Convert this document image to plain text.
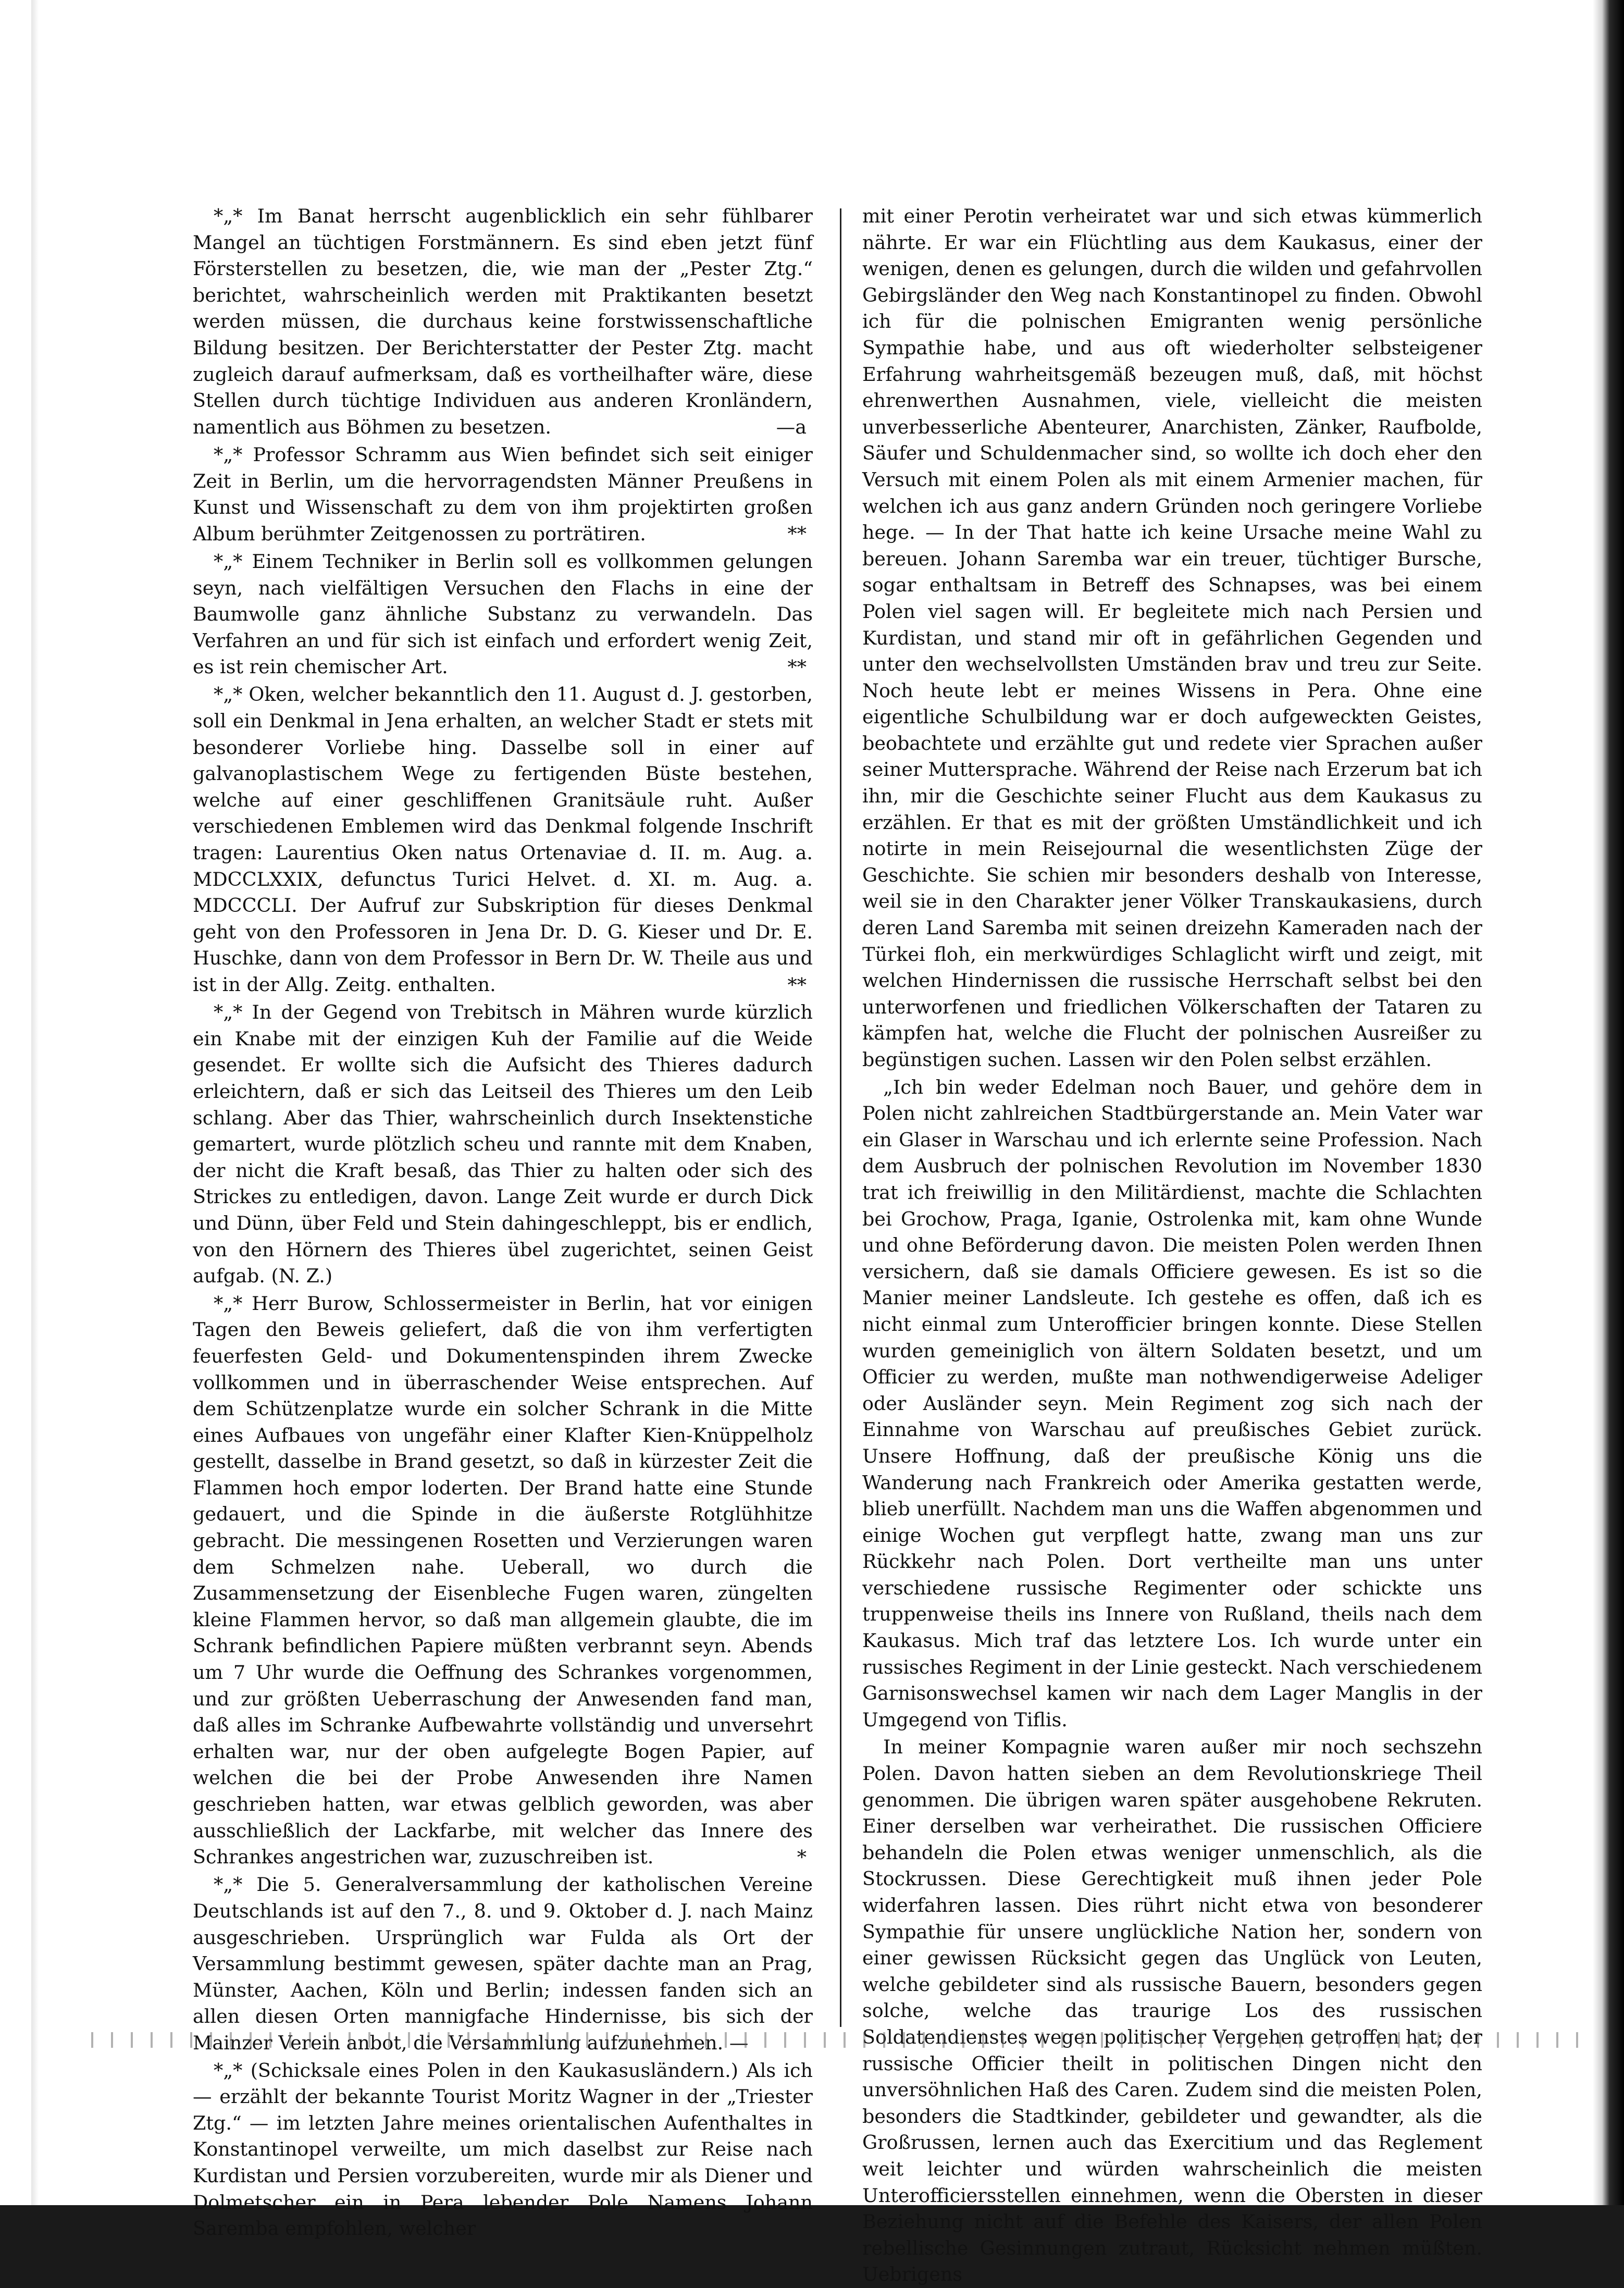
*„* Im Banat herrscht augenblicklich ein sehr fühlbarer Mangel an tüchtigen Forstmännern. Es sind eben jetzt fünf Försterstellen zu besetzen, die, wie man der „Pester Ztg.“ berichtet, wahrscheinlich werden mit Praktikanten besetzt werden müssen, die durchaus keine forstwissenschaftliche Bildung besitzen. Der Berichterstatter der Pester Ztg. macht zugleich darauf aufmerksam, daß es vortheilhafter wäre, diese Stellen durch tüchtige Individuen aus anderen Kronländern, namentlich aus Böhmen zu besetzen.	—a

*„* Professor Schramm aus Wien befindet sich seit einiger Zeit in Berlin, um die hervorragendsten Männer Preußens in Kunst und Wissenschaft zu dem von ihm projektirten großen Album berühmter Zeitgenossen zu porträtiren.	**

*„* Einem Techniker in Berlin soll es vollkommen gelungen seyn, nach vielfältigen Versuchen den Flachs in eine der Baumwolle ganz ähnliche Substanz zu verwandeln. Das Verfahren an und für sich ist einfach und erfordert wenig Zeit, es ist rein chemischer Art.	**

*„* Oken, welcher bekanntlich den 11. August d. J. gestorben, soll ein Denkmal in Jena erhalten, an welcher Stadt er stets mit besonderer Vorliebe hing. Dasselbe soll in einer auf galvanoplastischem Wege zu fertigenden Büste bestehen, welche auf einer geschliffenen Granitsäule ruht. Außer verschiedenen Emblemen wird das Denkmal folgende Inschrift tragen: Laurentius Oken natus Ortenaviae d. II. m. Aug. a. MDCCLXXIX, defunctus Turici Helvet. d. XI. m. Aug. a. MDCCCLI. Der Aufruf zur Subskription für dieses Denkmal geht von den Professoren in Jena Dr. D. G. Kieser und Dr. E. Huschke, dann von dem Professor in Bern Dr. W. Theile aus und ist in der Allg. Zeitg. enthalten.	**

*„* In der Gegend von Trebitsch in Mähren wurde kürzlich ein Knabe mit der einzigen Kuh der Familie auf die Weide gesendet. Er wollte sich die Aufsicht des Thieres dadurch erleichtern, daß er sich das Leitseil des Thieres um den Leib schlang. Aber das Thier, wahrscheinlich durch Insektenstiche gemartert, wurde plötzlich scheu und rannte mit dem Knaben, der nicht die Kraft besaß, das Thier zu halten oder sich des Strickes zu entledigen, davon. Lange Zeit wurde er durch Dick und Dünn, über Feld und Stein dahingeschleppt, bis er endlich, von den Hörnern des Thieres übel zugerichtet, seinen Geist aufgab. (N. Z.)

*„* Herr Burow, Schlossermeister in Berlin, hat vor einigen Tagen den Beweis geliefert, daß die von ihm verfertigten feuerfesten Geld- und Dokumentenspinden ihrem Zwecke vollkommen und in überraschender Weise entsprechen. Auf dem Schützenplatze wurde ein solcher Schrank in die Mitte eines Aufbaues von ungefähr einer Klafter Kien-Knüppelholz gestellt, dasselbe in Brand gesetzt, so daß in kürzester Zeit die Flammen hoch empor loderten. Der Brand hatte eine Stunde gedauert, und die Spinde in die äußerste Rotglühhitze gebracht. Die messingenen Rosetten und Verzierungen waren dem Schmelzen nahe. Ueberall, wo durch die Zusammensetzung der Eisenbleche Fugen waren, züngelten kleine Flammen hervor, so daß man allgemein glaubte, die im Schrank befindlichen Papiere müßten verbrannt seyn. Abends um 7 Uhr wurde die Oeffnung des Schrankes vorgenommen, und zur größten Ueberraschung der Anwesenden fand man, daß alles im Schranke Aufbewahrte vollständig und unversehrt erhalten war, nur der oben aufgelegte Bogen Papier, auf welchen die bei der Probe Anwesenden ihre Namen geschrieben hatten, war etwas gelblich geworden, was aber ausschließlich der Lackfarbe, mit welcher das Innere des Schrankes angestrichen war, zuzuschreiben ist.	*

*„* Die 5. Generalversammlung der katholischen Vereine Deutschlands ist auf den 7., 8. und 9. Oktober d. J. nach Mainz ausgeschrieben. Ursprünglich war Fulda als Ort der Versammlung bestimmt gewesen, später dachte man an Prag, Münster, Aachen, Köln und Berlin; indessen fanden sich an allen diesen Orten mannigfache Hindernisse, bis sich der Mainzer Verein anbot, die Versammlung aufzunehmen. —

*„* (Schicksale eines Polen in den Kaukasusländern.) Als ich — erzählt der bekannte Tourist Moritz Wagner in der „Triester Ztg.“ — im letzten Jahre meines orientalischen Aufenthaltes in Konstantinopel verweilte, um mich daselbst zur Reise nach Kurdistan und Persien vorzubereiten, wurde mir als Diener und Dolmetscher ein in Pera lebender Pole Namens Johann Saremba empfohlen, welcher

mit einer Perotin verheiratet war und sich etwas kümmerlich nährte. Er war ein Flüchtling aus dem Kaukasus, einer der wenigen, denen es gelungen, durch die wilden und gefahrvollen Gebirgsländer den Weg nach Konstantinopel zu finden. Obwohl ich für die polnischen Emigranten wenig persönliche Sympathie habe, und aus oft wiederholter selbsteigener Erfahrung wahrheitsgemäß bezeugen muß, daß, mit höchst ehrenwerthen Ausnahmen, viele, vielleicht die meisten unverbesserliche Abenteurer, Anarchisten, Zänker, Raufbolde, Säufer und Schuldenmacher sind, so wollte ich doch eher den Versuch mit einem Polen als mit einem Armenier machen, für welchen ich aus ganz andern Gründen noch geringere Vorliebe hege. — In der That hatte ich keine Ursache meine Wahl zu bereuen. Johann Saremba war ein treuer, tüchtiger Bursche, sogar enthaltsam in Betreff des Schnapses, was bei einem Polen viel sagen will. Er begleitete mich nach Persien und Kurdistan, und stand mir oft in gefährlichen Gegenden und unter den wechselvollsten Umständen brav und treu zur Seite. Noch heute lebt er meines Wissens in Pera. Ohne eine eigentliche Schulbildung war er doch aufgeweckten Geistes, beobachtete und erzählte gut und redete vier Sprachen außer seiner Muttersprache. Während der Reise nach Erzerum bat ich ihn, mir die Geschichte seiner Flucht aus dem Kaukasus zu erzählen. Er that es mit der größten Umständlichkeit und ich notirte in mein Reisejournal die wesentlichsten Züge der Geschichte. Sie schien mir besonders deshalb von Interesse, weil sie in den Charakter jener Völker Transkaukasiens, durch deren Land Saremba mit seinen dreizehn Kameraden nach der Türkei floh, ein merkwürdiges Schlaglicht wirft und zeigt, mit welchen Hindernissen die russische Herrschaft selbst bei den unterworfenen und friedlichen Völkerschaften der Tataren zu kämpfen hat, welche die Flucht der polnischen Ausreißer zu begünstigen suchen. Lassen wir den Polen selbst erzählen.

„Ich bin weder Edelman noch Bauer, und gehöre dem in Polen nicht zahlreichen Stadtbürgerstande an. Mein Vater war ein Glaser in Warschau und ich erlernte seine Profession. Nach dem Ausbruch der polnischen Revolution im November 1830 trat ich freiwillig in den Militärdienst, machte die Schlachten bei Grochow, Praga, Iganie, Ostrolenka mit, kam ohne Wunde und ohne Beförderung davon. Die meisten Polen werden Ihnen versichern, daß sie damals Officiere gewesen. Es ist so die Manier meiner Landsleute. Ich gestehe es offen, daß ich es nicht einmal zum Unterofficier bringen konnte. Diese Stellen wurden gemeiniglich von ältern Soldaten besetzt, und um Officier zu werden, mußte man nothwendigerweise Adeliger oder Ausländer seyn. Mein Regiment zog sich nach der Einnahme von Warschau auf preußisches Gebiet zurück. Unsere Hoffnung, daß der preußische König uns die Wanderung nach Frankreich oder Amerika gestatten werde, blieb unerfüllt. Nachdem man uns die Waffen abgenommen und einige Wochen gut verpflegt hatte, zwang man uns zur Rückkehr nach Polen. Dort vertheilte man uns unter verschiedene russische Regimenter oder schickte uns truppenweise theils ins Innere von Rußland, theils nach dem Kaukasus. Mich traf das letztere Los. Ich wurde unter ein russisches Regiment in der Linie gesteckt. Nach verschiedenem Garnisonswechsel kamen wir nach dem Lager Manglis in der Umgegend von Tiflis.

In meiner Kompagnie waren außer mir noch sechszehn Polen. Davon hatten sieben an dem Revolutionskriege Theil genommen. Die übrigen waren später ausgehobene Rekruten. Einer derselben war verheirathet. Die russischen Officiere behandeln die Polen etwas weniger unmenschlich, als die Stockrussen. Diese Gerechtigkeit muß ihnen jeder Pole widerfahren lassen. Dies rührt nicht etwa von besonderer Sympathie für unsere unglückliche Nation her, sondern von einer gewissen Rücksicht gegen das Unglück von Leuten, welche gebildeter sind als russische Bauern, besonders gegen solche, welche das traurige Los des russischen Soldatendienstes wegen politischer Vergehen getroffen hat; der russische Officier theilt in politischen Dingen nicht den unversöhnlichen Haß des Caren. Zudem sind die meisten Polen, besonders die Stadtkinder, gebildeter und gewandter, als die Großrussen, lernen auch das Exercitium und das Reglement weit leichter und würden wahrscheinlich die meisten Unterofficiersstellen einnehmen, wenn die Obersten in dieser Beziehung nicht auf die Befehle des Kaisers, der allen Polen rebellische Gesinnungen zutraut, Rücksicht nehmen müßten. Uebrigens
